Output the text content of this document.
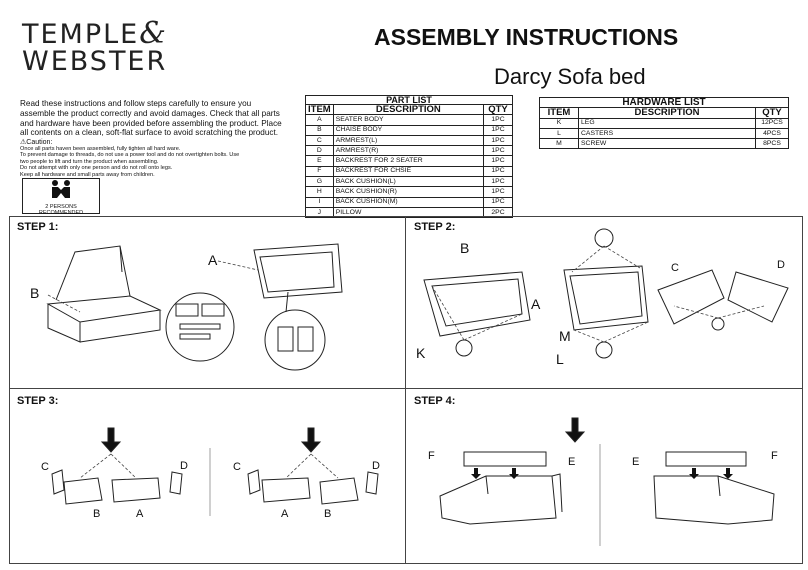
TEMPLE&
WEBSTER
ASSEMBLY INSTRUCTIONS
Darcy Sofa bed
Read these instructions and follow steps carefully to ensure you assemble the product correctly and avoid damages. Check that all parts and hardware have been provided before assembling the product. Place all contents on a clean, soft-flat surface to avoid scratching the product.
⚠Caution:
Once all parts haven been assembled, fully tighten all hard ware.
To prevent damage to threads, do not use a power tool and do not overtighten bolts. Use
two people to lift and turn the product when assembling.
Do not attempt with only one person and do not roll onto legs.
Keep all hardware and small parts away from children.
2 PERSONS RECOMMENDED
PART LIST		
ITEM	DESCRIPTION	QTY
A	SEATER BODY	1PC
B	CHAISE BODY	1PC
C	ARMREST(L)	1PC
D	ARMREST(R)	1PC
E	BACKREST FOR 2 SEATER	1PC
F	BACKREST FOR CHSIE	1PC
G	BACK CUSHION(L)	1PC
H	BACK CUSHION(R)	1PC
I	BACK CUSHION(M)	1PC
J	PILLOW	2PC
HARDWARE LIST		
ITEM	DESCRIPTION	QTY
K	LEG	12PCS
L	CASTERS	4PCS
M	SCREW	8PCS
STEP 1:
B
A
STEP 2:
B
A
K
M
L
C	D
STEP 3:
C	D
B	A
C	D
A	B
STEP 4:
F	E	E	F
